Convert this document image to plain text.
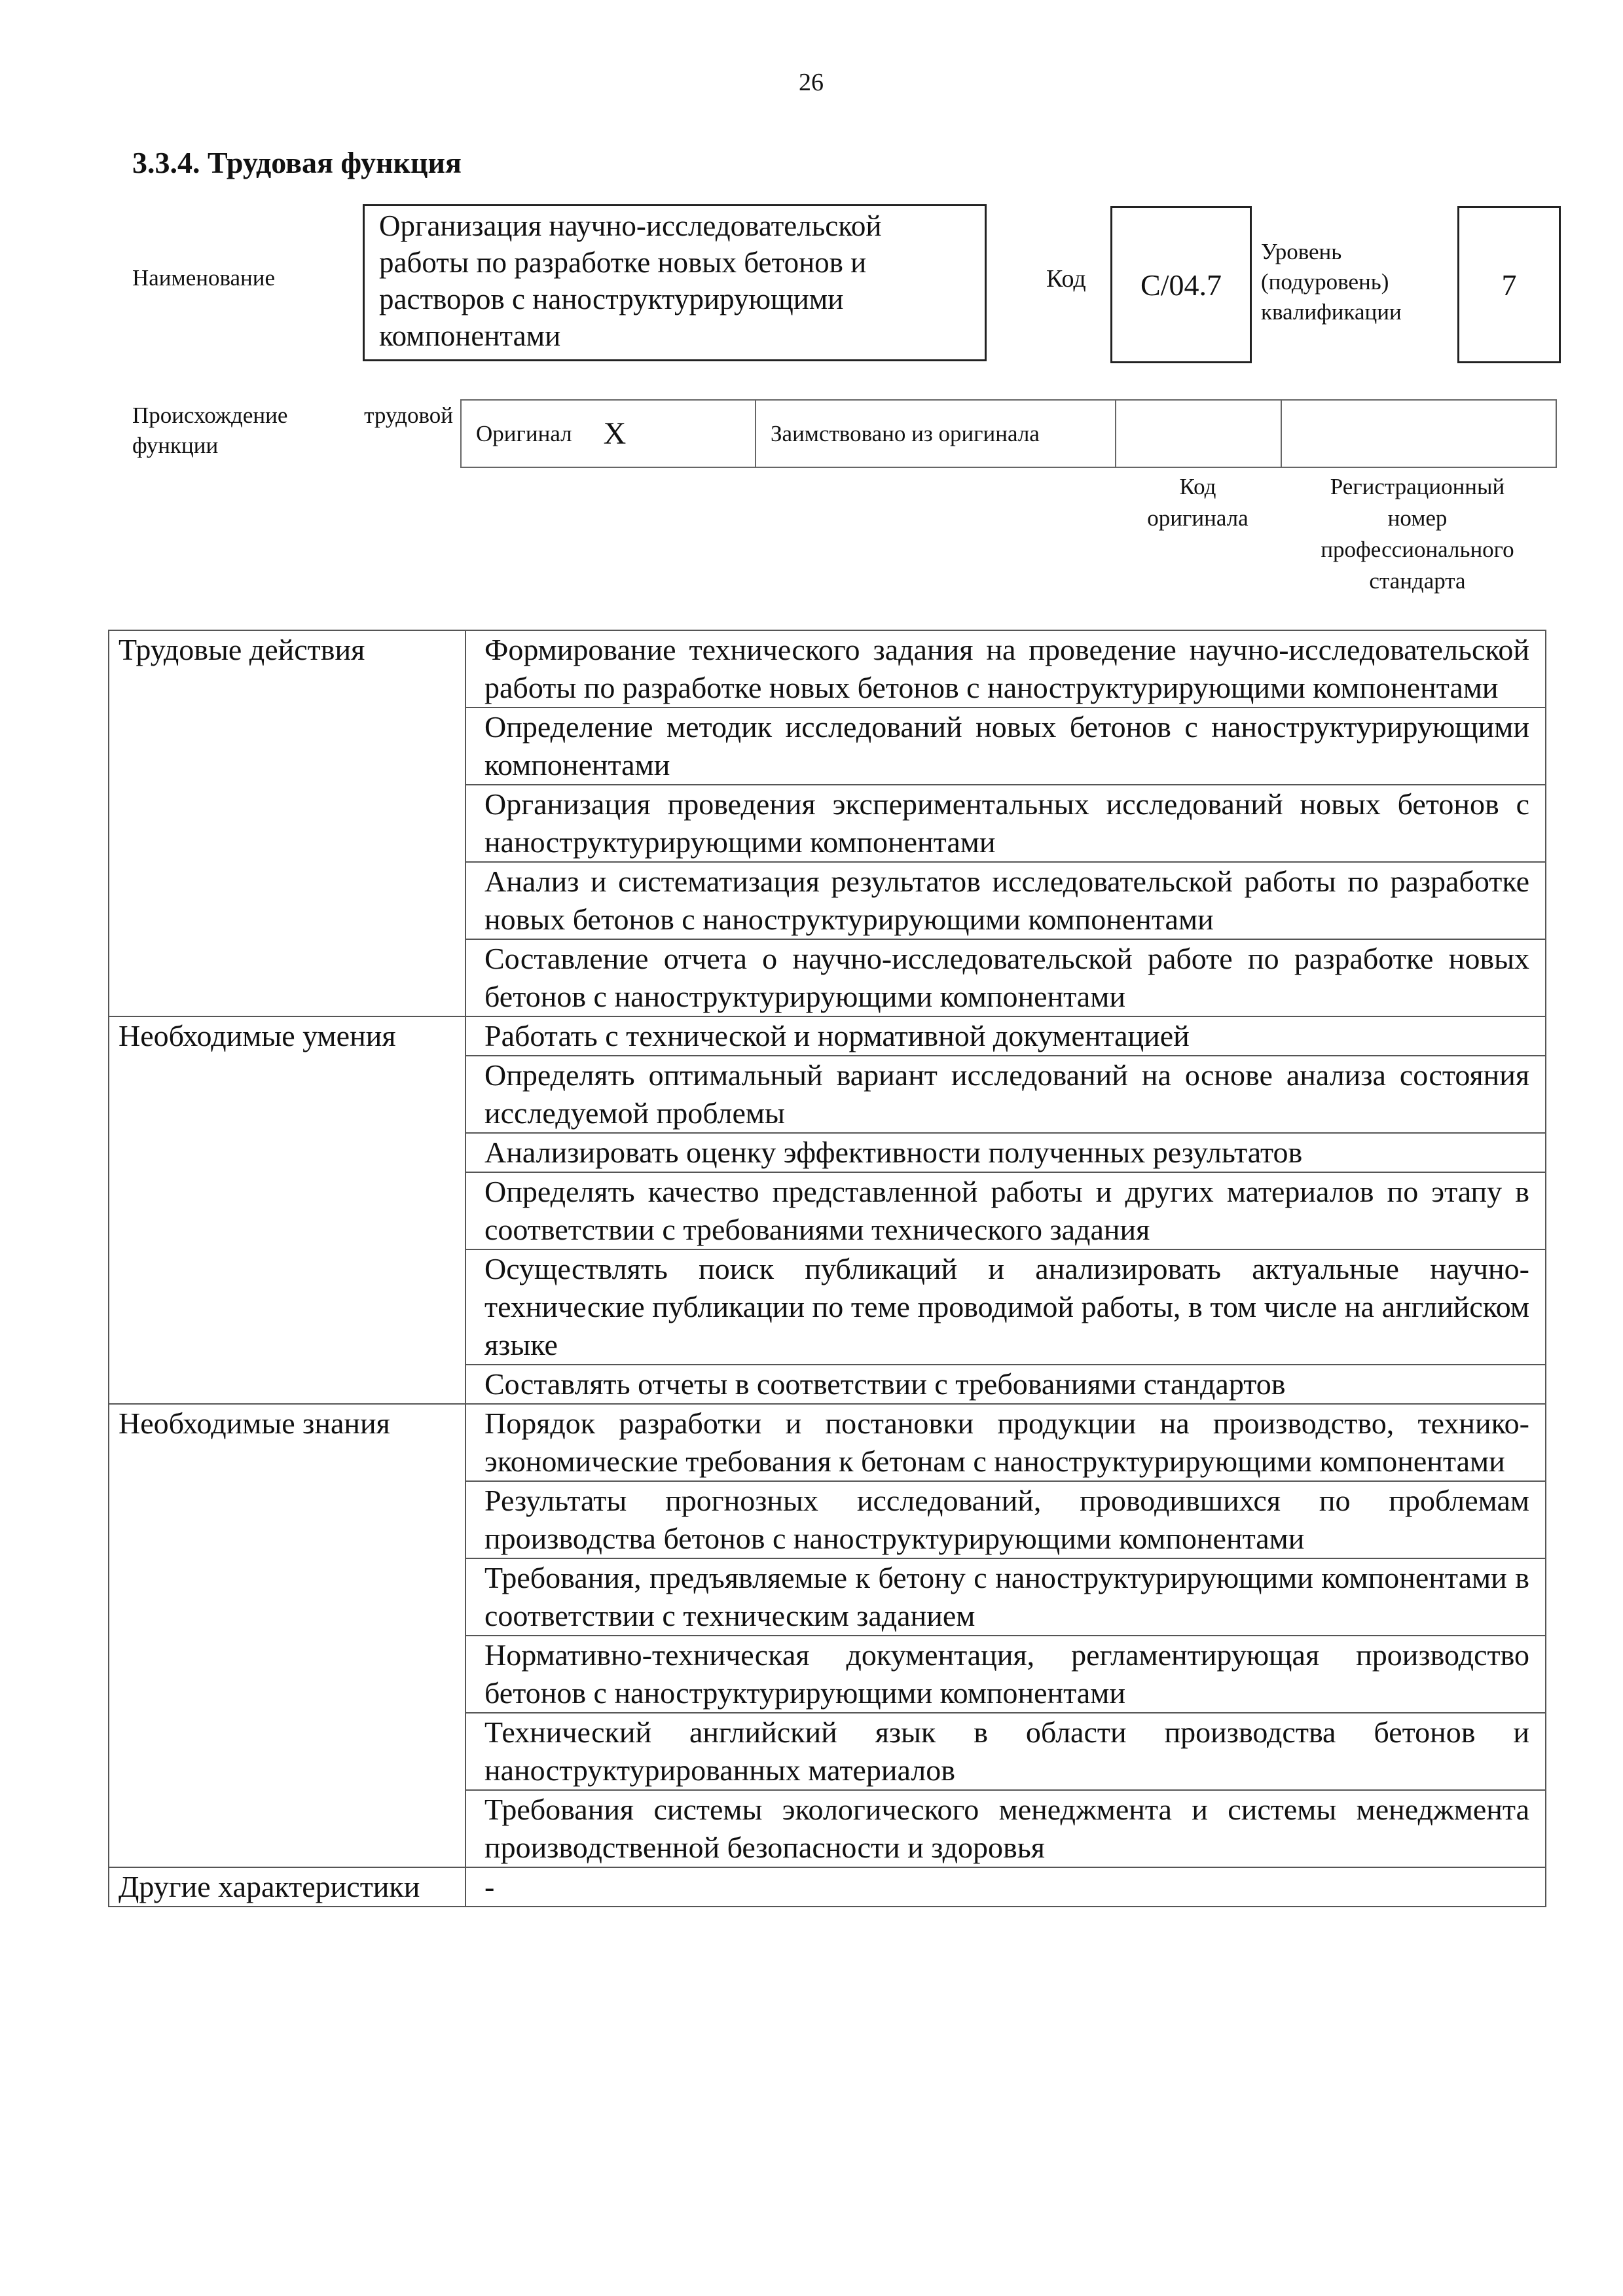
26
3.3.4. Трудовая функция
Наименование
Организация научно-исследовательской работы по разработке новых бетонов и растворов с наноструктурирующими компонентами
Код С/04.7
Уровень
(подуровень)
квалификации
7
Происхождение трудовой
функции	Оригинал X	Заимствовано из оригинала
Код
оригинала
Регистрационный
номер
профессионального
стандарта
Трудовые действия	Формирование технического задания на проведение научно-исследовательской работы по разработке новых бетонов с наноструктурирующими компонентами
	Определение методик исследований новых бетонов с наноструктурирующими компонентами
	Организация проведения экспериментальных исследований новых бетонов с наноструктурирующими компонентами
	Анализ и систематизация результатов исследовательской работы по разработке новых бетонов с наноструктурирующими компонентами
	Составление отчета о научно-исследовательской работе по разработке новых бетонов с наноструктурирующими компонентами
Необходимые умения	Работать с технической и нормативной документацией
	Определять оптимальный вариант исследований на основе анализа состояния исследуемой проблемы
	Анализировать оценку эффективности полученных результатов
	Определять качество представленной работы и других материалов по этапу в соответствии с требованиями технического задания
	Осуществлять поиск публикаций и анализировать актуальные научно-технические публикации по теме проводимой работы, в том числе на английском языке
	Составлять отчеты в соответствии с требованиями стандартов
Необходимые знания	Порядок разработки и постановки продукции на производство, технико-экономические требования к бетонам с наноструктурирующими компонентами
	Результаты прогнозных исследований, проводившихся по проблемам производства бетонов с наноструктурирующими компонентами
	Требования, предъявляемые к бетону с наноструктурирующими компонентами в соответствии с техническим заданием
	Нормативно-техническая документация, регламентирующая производство бетонов с наноструктурирующими компонентами
	Технический английский язык в области производства бетонов и наноструктурированных материалов
	Требования системы экологического менеджмента и системы менеджмента производственной безопасности и здоровья
Другие характеристики	-
